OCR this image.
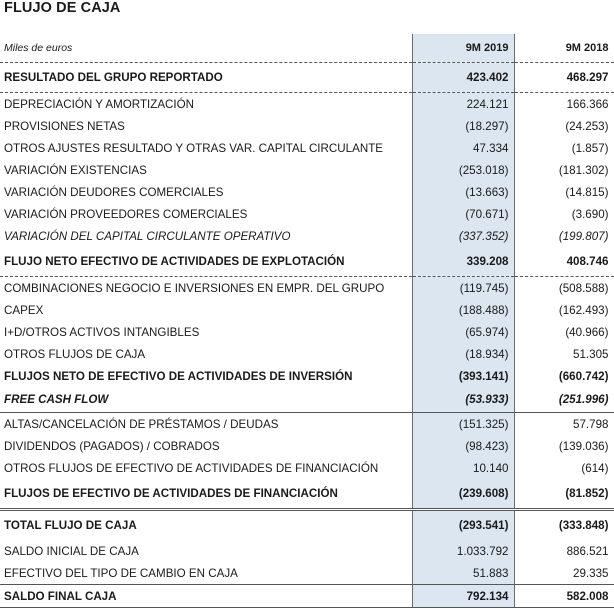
FLUJO DE CAJA
Miles de euros	9M 2019	9M 2018
RESULTADO DEL GRUPO REPORTADO	423.402	468.297
DEPRECIACIÓN Y AMORTIZACIÓN	224.121	166.366
PROVISIONES NETAS	(18.297)	(24.253)
OTROS AJUSTES RESULTADO Y OTRAS VAR. CAPITAL CIRCULANTE	47.334	(1.857)
VARIACIÓN EXISTENCIAS	(253.018)	(181.302)
VARIACIÓN DEUDORES COMERCIALES	(13.663)	(14.815)
VARIACIÓN PROVEEDORES COMERCIALES	(70.671)	(3.690)
VARIACIÓN DEL CAPITAL CIRCULANTE OPERATIVO	(337.352)	(199.807)
FLUJO NETO EFECTIVO DE ACTIVIDADES DE EXPLOTACIÓN	339.208	408.746
COMBINACIONES NEGOCIO E INVERSIONES EN EMPR. DEL GRUPO	(119.745)	(508.588)
CAPEX	(188.488)	(162.493)
I+D/OTROS ACTIVOS INTANGIBLES	(65.974)	(40.966)
OTROS FLUJOS DE CAJA	(18.934)	51.305
FLUJOS NETO DE EFECTIVO DE ACTIVIDADES DE INVERSIÓN	(393.141)	(660.742)
FREE CASH FLOW	(53.933)	(251.996)
ALTAS/CANCELACIÓN DE PRÉSTAMOS / DEUDAS	(151.325)	57.798
DIVIDENDOS (PAGADOS) / COBRADOS	(98.423)	(139.036)
OTROS FLUJOS DE EFECTIVO DE ACTIVIDADES DE FINANCIACIÓN	10.140	(614)
FLUJOS DE EFECTIVO DE ACTIVIDADES DE FINANCIACIÓN	(239.608)	(81.852)
TOTAL FLUJO DE CAJA	(293.541)	(333.848)
SALDO INICIAL DE CAJA	1.033.792	886.521
EFECTIVO DEL TIPO DE CAMBIO EN CAJA	51.883	29.335
SALDO FINAL CAJA	792.134	582.008
